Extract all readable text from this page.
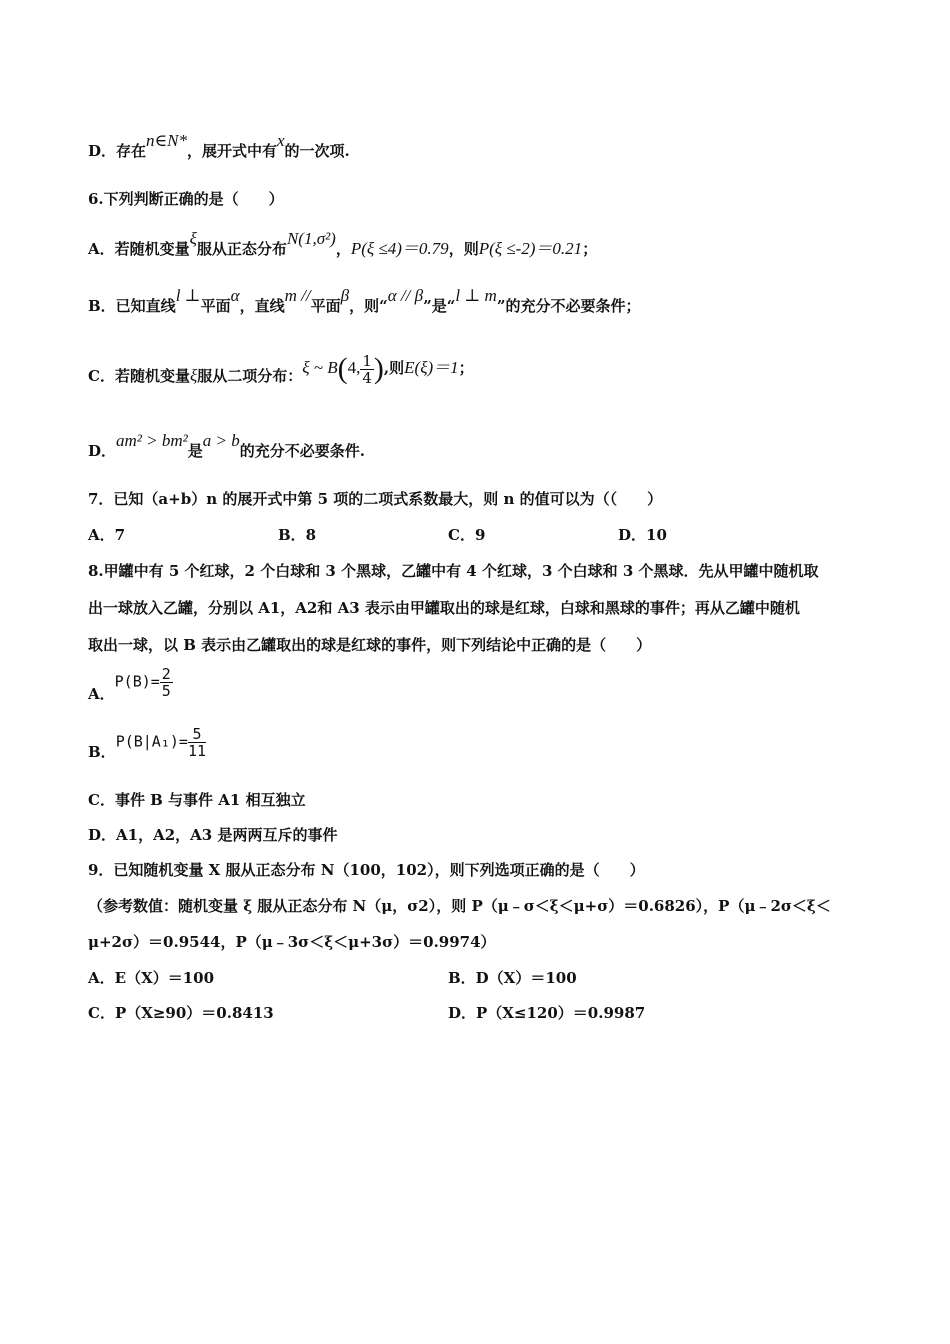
D．存在n∈N*，展开式中有x的一次项.
6.下列判断正确的是（　　）
A．若随机变量ξ服从正态分布N(1,σ²)，P(ξ ≤4)＝0.79，则P(ξ ≤-2)＝0.21；
B．已知直线l ⊥平面α，直线m //平面β，则“α // β”是“l ⊥ m”的充分不必要条件；
C．若随机变量ξ服从二项分布：ξ ~ B(4, $\frac{1}{4}$ ),则E(ξ)＝1；
D．am² > bm²是a > b的充分不必要条件.
7．已知（a+b）n 的展开式中第 5 项的二项式系数最大，则 n 的值可以为（（　　）
A．7	B．8	C．9	D．10
8.甲罐中有 5 个红球，2 个白球和 3 个黑球，乙罐中有 4 个红球，3 个白球和 3 个黑球．先从甲罐中随机取
出一球放入乙罐，分别以 A1，A2和 A3 表示由甲罐取出的球是红球，白球和黑球的事件；再从乙罐中随机
取出一球，以 B 表示由乙罐取出的球是红球的事件，则下列结论中正确的是（　　）
A．$P(B)= \frac{2}{5}$
B．$P(B|A_1)= \frac{5}{11}$
C．事件 B 与事件 A1 相互独立
D．A1，A2，A3 是两两互斥的事件
9．已知随机变量 X 服从正态分布 N（100，102），则下列选项正确的是（　　）
（参考数值：随机变量 ξ 服从正态分布 N（μ，σ2），则 P（μ﹣σ＜ξ＜μ+σ）＝0.6826），P（μ﹣2σ＜ξ＜
μ+2σ）＝0.9544，P（μ﹣3σ＜ξ＜μ+3σ）＝0.9974）
A．E（X）＝100	B．D（X）＝100
C．P（X≥90）＝0.8413	D．P（X≤120）＝0.9987
